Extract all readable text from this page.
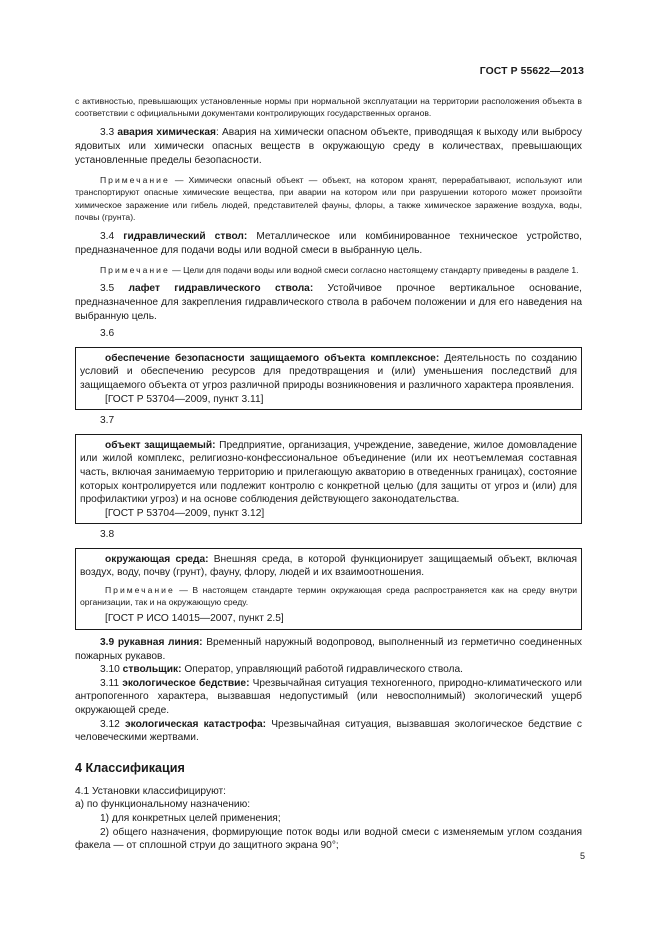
ГОСТ Р 55622—2013

с активностью, превышающих установленные нормы при нормальной эксплуатации на территории расположения объекта в соответствии с официальными документами контролирующих государственных органов.

3.3 авария химическая: Авария на химически опасном объекте, приводящая к выходу или выбросу ядовитых или химически опасных веществ в окружающую среду в количествах, превышающих установленные пределы безопасности.

Примечание — Химически опасный объект — объект, на котором хранят, перерабатывают, используют или транспортируют опасные химические вещества, при аварии на котором или при разрушении которого может произойти химическое заражение или гибель людей, представителей фауны, флоры, а также химическое заражение воздуха, воды, почвы (грунта).

3.4 гидравлический ствол: Металлическое или комбинированное техническое устройство, предназначенное для подачи воды или водной смеси в выбранную цель.

Примечание — Цели для подачи воды или водной смеси согласно настоящему стандарту приведены в разделе 1.

3.5 лафет гидравлического ствола: Устойчивое прочное вертикальное основание, предназначенное для закрепления гидравлического ствола в рабочем положении и для его наведения на выбранную цель.

3.6

обеспечение безопасности защищаемого объекта комплексное: Деятельность по созданию условий и обеспечению ресурсов для предотвращения и (или) уменьшения последствий для защищаемого объекта от угроз различной природы возникновения и различного характера проявления.

[ГОСТ Р 53704—2009, пункт 3.11]

3.7

объект защищаемый: Предприятие, организация, учреждение, заведение, жилое домовладение или жилой комплекс, религиозно-конфессиональное объединение (или их неотъемлемая составная часть, включая занимаемую территорию и прилегающую акваторию в отведенных границах), состояние которых контролируется или подлежит контролю с конкретной целью (для защиты от угроз и (или) для профилактики угроз) и на основе соблюдения действующего законодательства.

[ГОСТ Р 53704—2009, пункт 3.12]

3.8

окружающая среда: Внешняя среда, в которой функционирует защищаемый объект, включая воздух, воду, почву (грунт), фауну, флору, людей и их взаимоотношения.

Примечание — В настоящем стандарте термин окружающая среда распространяется как на среду внутри организации, так и на окружающую среду.

[ГОСТ Р ИСО 14015—2007, пункт 2.5]

3.9 рукавная линия: Временный наружный водопровод, выполненный из герметично соединенных пожарных рукавов.

3.10 ствольщик: Оператор, управляющий работой гидравлического ствола.

3.11 экологическое бедствие: Чрезвычайная ситуация техногенного, природно-климатического или антропогенного характера, вызвавшая недопустимый (или невосполнимый) экологический ущерб окружающей среде.

3.12 экологическая катастрофа: Чрезвычайная ситуация, вызвавшая экологическое бедствие с человеческими жертвами.

4 Классификация

4.1 Установки классифицируют:

а) по функциональному назначению:

1) для конкретных целей применения;

2) общего назначения, формирующие поток воды или водной смеси с изменяемым углом создания факела — от сплошной струи до защитного экрана 90°;

5
